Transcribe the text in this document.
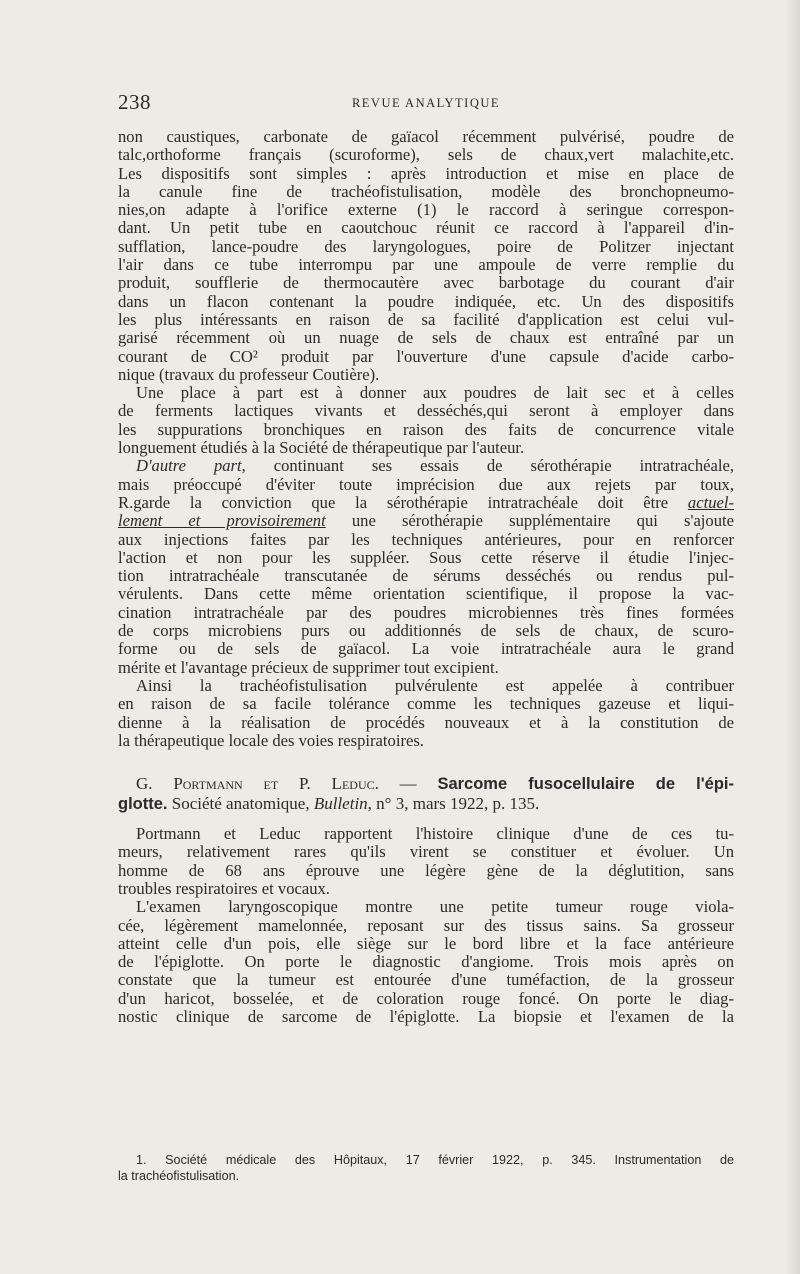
238	REVUE ANALYTIQUE
non caustiques, carbonate de gaïacol récemment pulvérisé, poudre de
talc,orthoforme français (scuroforme), sels de chaux,vert malachite,etc.
Les dispositifs sont simples : après introduction et mise en place de
la canule fine de trachéofistulisation, modèle des bronchopneumo-
nies,on adapte à l'orifice externe (1) le raccord à seringue correspon-
dant. Un petit tube en caoutchouc réunit ce raccord à l'appareil d'in-
sufflation, lance-poudre des laryngologues, poire de Politzer injectant
l'air dans ce tube interrompu par une ampoule de verre remplie du
produit, soufflerie de thermocautère avec barbotage du courant d'air
dans un flacon contenant la poudre indiquée, etc. Un des dispositifs
les plus intéressants en raison de sa facilité d'application est celui vul-
garisé récemment où un nuage de sels de chaux est entraîné par un
courant de CO² produit par l'ouverture d'une capsule d'acide carbo-
nique (travaux du professeur Coutière).
Une place à part est à donner aux poudres de lait sec et à celles
de ferments lactiques vivants et desséchés,qui seront à employer dans
les suppurations bronchiques en raison des faits de concurrence vitale
longuement étudiés à la Société de thérapeutique par l'auteur.
D'autre part, continuant ses essais de sérothérapie intratrachéale,
mais préoccupé d'éviter toute imprécision due aux rejets par toux,
R.garde la conviction que la sérothérapie intratrachéale doit être actuel-
lement et provisoirement une sérothérapie supplémentaire qui s'ajoute
aux injections faites par les techniques antérieures, pour en renforcer
l'action et non pour les suppléer. Sous cette réserve il étudie l'injec-
tion intratrachéale transcutanée de sérums desséchés ou rendus pul-
vérulents. Dans cette même orientation scientifique, il propose la vac-
cination intratrachéale par des poudres microbiennes très fines formées
de corps microbiens purs ou additionnés de sels de chaux, de scuro-
forme ou de sels de gaïacol. La voie intratrachéale aura le grand
mérite et l'avantage précieux de supprimer tout excipient.
Ainsi la trachéofistulisation pulvérulente est appelée à contribuer
en raison de sa facile tolérance comme les techniques gazeuse et liqui-
dienne à la réalisation de procédés nouveaux et à la constitution de
la thérapeutique locale des voies respiratoires.
G. Portmann et P. Leduc. — Sarcome fusocellulaire de l'épi-
glotte. Société anatomique, Bulletin, n° 3, mars 1922, p. 135.
Portmann et Leduc rapportent l'histoire clinique d'une de ces tu-
meurs, relativement rares qu'ils virent se constituer et évoluer. Un
homme de 68 ans éprouve une légère gène de la déglutition, sans
troubles respiratoires et vocaux.
L'examen laryngoscopique montre une petite tumeur rouge viola-
cée, légèrement mamelonnée, reposant sur des tissus sains. Sa grosseur
atteint celle d'un pois, elle siège sur le bord libre et la face antérieure
de l'épiglotte. On porte le diagnostic d'angiome. Trois mois après on
constate que la tumeur est entourée d'une tuméfaction, de la grosseur
d'un haricot, bosselée, et de coloration rouge foncé. On porte le diag-
nostic clinique de sarcome de l'épiglotte. La biopsie et l'examen de la
1. Société médicale des Hôpitaux, 17 février 1922, p. 345. Instrumentation de
la trachéofistulisation.
